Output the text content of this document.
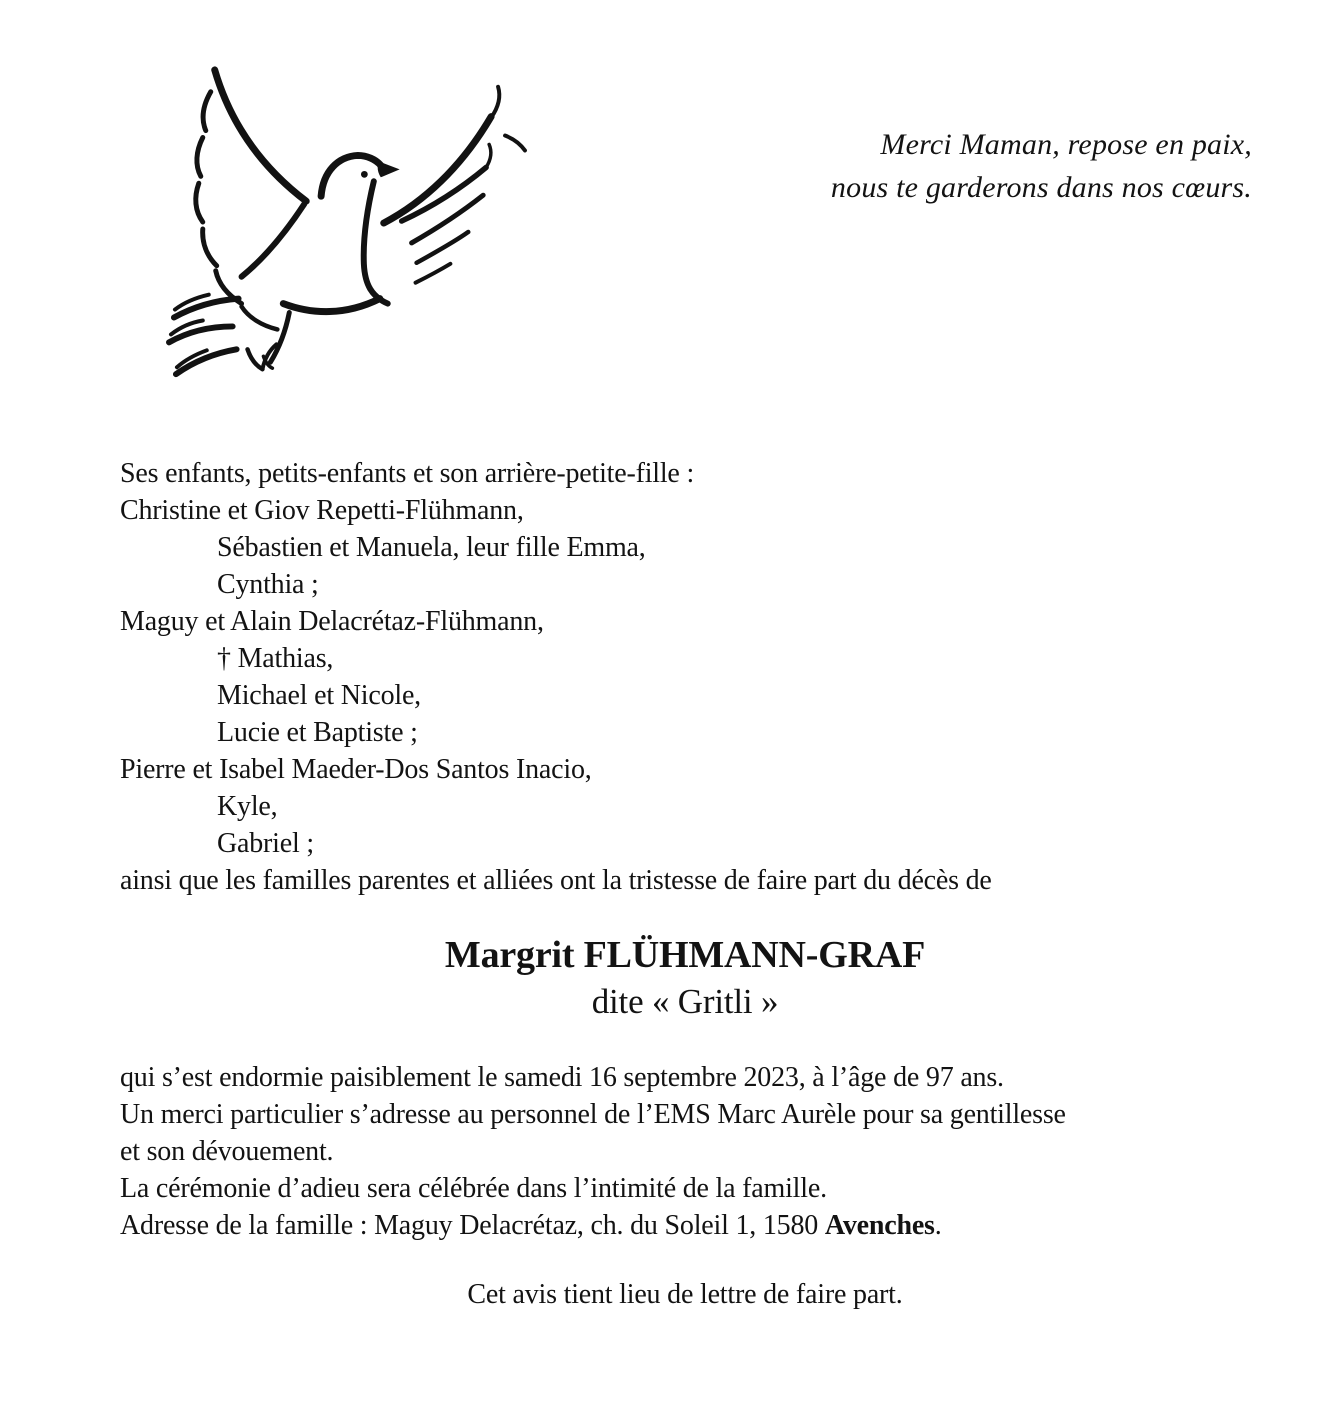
Merci Maman, repose en paix,
nous te garderons dans nos cœurs.
Ses enfants, petits-enfants et son arrière-petite-fille :
Christine et Giov Repetti-Flühmann,
Sébastien et Manuela, leur fille Emma,
Cynthia ;
Maguy et Alain Delacrétaz-Flühmann,
† Mathias,
Michael et Nicole,
Lucie et Baptiste ;
Pierre et Isabel Maeder-Dos Santos Inacio,
Kyle,
Gabriel ;
ainsi que les familles parentes et alliées ont la tristesse de faire part du décès de
Margrit FLÜHMANN-GRAF
dite « Gritli »
qui s’est endormie paisiblement le samedi 16 septembre 2023, à l’âge de 97 ans.
Un merci particulier s’adresse au personnel de l’EMS Marc Aurèle pour sa gentillesse
et son dévouement.
La cérémonie d’adieu sera célébrée dans l’intimité de la famille.
Adresse de la famille : Maguy Delacrétaz, ch. du Soleil 1, 1580 Avenches.
Cet avis tient lieu de lettre de faire part.
